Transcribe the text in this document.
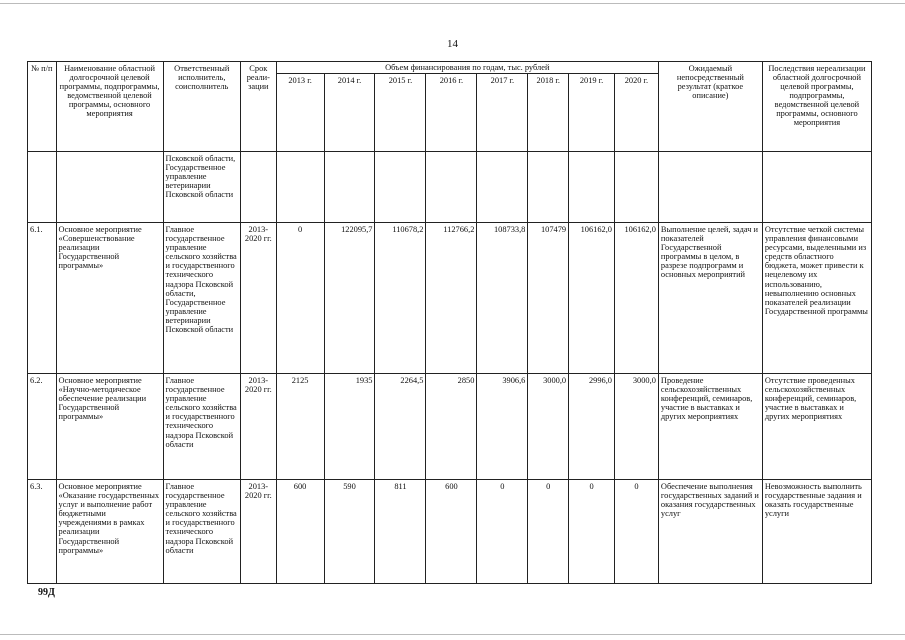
14
№ п/п	Наименование областной долгосрочной целевой программы, подпрограммы, ведомственной целевой программы, основного мероприятия	Ответственный исполнитель, соисполнитель	Срок реали-зации	Объем финансирования по годам, тыс. рублей								Ожидаемый непосредственный результат (краткое описание)	Последствия нереализации областной долгосрочной целевой программы, подпрограммы, ведомственной целевой программы, основного мероприятия
				2013 г.	2014 г.	2015 г.	2016 г.	2017 г.	2018 г.	2019 г.	2020 г.		
		Псковской области, Государственное управление ветеринарии Псковской области											
6.1.	Основное мероприятие «Совершенствование реализации Государственной программы»	Главное государственное управление сельского хозяйства и государственного технического надзора Псковской области, Государственное управление ветеринарии Псковской области	2013-2020 гг.	0	122095,7	110678,2	112766,2	108733,8	107479	106162,0	106162,0	Выполнение целей, задач и показателей Государственной программы в целом, в разрезе подпрограмм и основных мероприятий	Отсутствие четкой системы управления финансовыми ресурсами, выделенными из средств областного бюджета, может привести к нецелевому их использованию, невыполнению основных показателей реализации Государственной программы
6.2.	Основное мероприятие «Научно-методическое обеспечение реализации Государственной программы»	Главное государственное управление сельского хозяйства и государственного технического надзора Псковской области	2013-2020 гг.	2125	1935	2264,5	2850	3906,6	3000,0	2996,0	3000,0	Проведение сельскохозяйственных конференций, семинаров, участие в выставках и других мероприятиях	Отсутствие проведенных сельскохозяйственных конференций, семинаров, участие в выставках и других мероприятиях
6.3.	Основное мероприятие «Оказание государственных услуг и выполнение работ бюджетными учреждениями в рамках реализации Государственной программы»	Главное государственное управление сельского хозяйства и государственного технического надзора Псковской области	2013-2020 гг.	600	590	811	600	0	0	0	0	Обеспечение выполнения государственных заданий и оказания государственных услуг	Невозможность выполнить государственные задания и оказать государственные услуги
99Д
